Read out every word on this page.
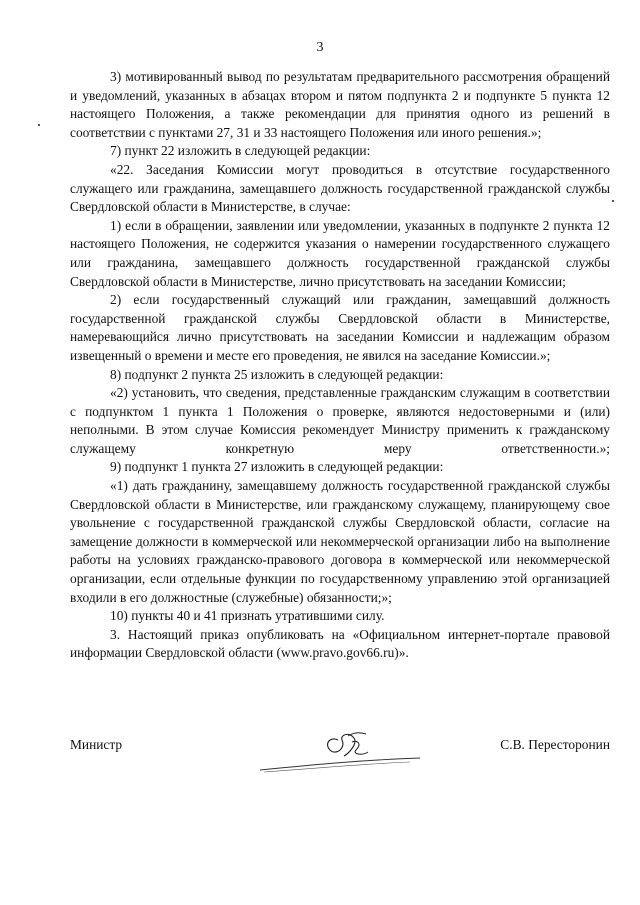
3

3) мотивированный вывод по результатам предварительного рассмотрения обращений и уведомлений, указанных в абзацах втором и пятом подпункта 2 и подпункте 5 пункта 12 настоящего Положения, а также рекомендации для принятия одного из решений в соответствии с пунктами 27, 31 и 33 настоящего Положения или иного решения.»;

7) пункт 22 изложить в следующей редакции:

«22. Заседания Комиссии могут проводиться в отсутствие государственного служащего или гражданина, замещавшего должность государственной гражданской службы Свердловской области в Министерстве, в случае:

1) если в обращении, заявлении или уведомлении, указанных в подпункте 2 пункта 12 настоящего Положения, не содержится указания о намерении государственного служащего или гражданина, замещавшего должность государственной гражданской службы Свердловской области в Министерстве, лично присутствовать на заседании Комиссии;

2) если государственный служащий или гражданин, замещавший должность государственной гражданской службы Свердловской области в Министерстве, намеревающийся лично присутствовать на заседании Комиссии и надлежащим образом извещенный о времени и месте его проведения, не явился на заседание Комиссии.»;

8) подпункт 2 пункта 25 изложить в следующей редакции:

«2) установить, что сведения, представленные гражданским служащим в соответствии с подпунктом 1 пункта 1 Положения о проверке, являются недостоверными и (или) неполными. В этом случае Комиссия рекомендует Министру применить к гражданскому служащему конкретную меру ответственности.»;

9) подпункт 1 пункта 27 изложить в следующей редакции:

«1) дать гражданину, замещавшему должность государственной гражданской службы Свердловской области в Министерстве, или гражданскому служащему, планирующему свое увольнение с государственной гражданской службы Свердловской области, согласие на замещение должности в коммерческой или некоммерческой организации либо на выполнение работы на условиях гражданско-правового договора в коммерческой или некоммерческой организации, если отдельные функции по государственному управлению этой организацией входили в его должностные (служебные) обязанности;»;

10) пункты 40 и 41 признать утратившими силу.

3. Настоящий приказ опубликовать на «Официальном интернет-портале правовой информации Свердловской области (www.pravo.gov66.ru)».

Министр	С.В. Пересторонин
